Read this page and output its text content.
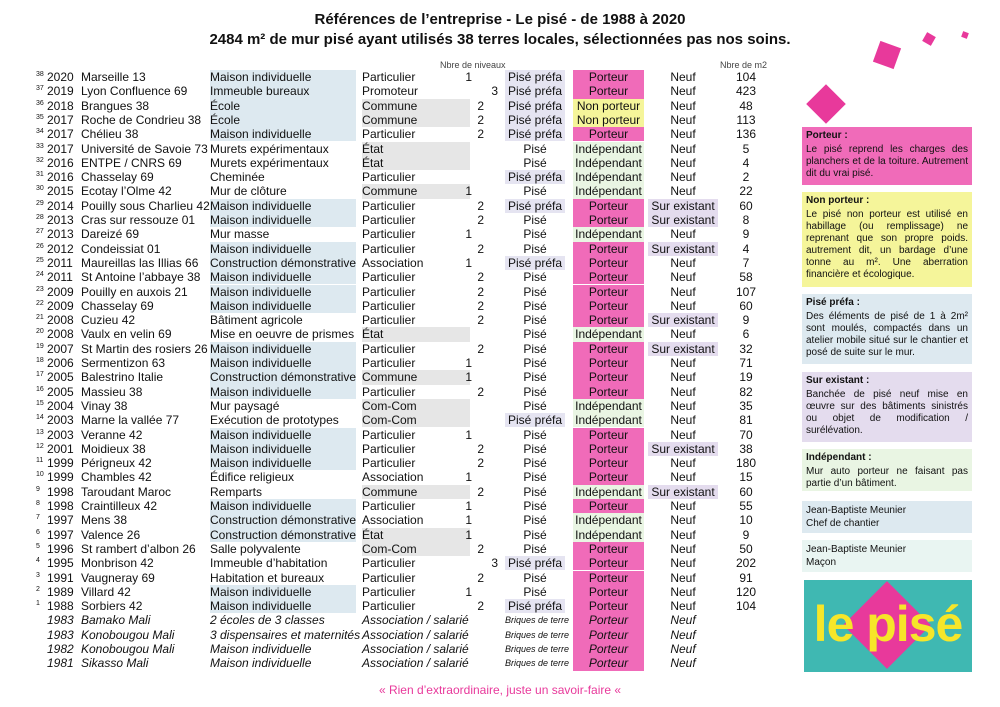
Références de l’entreprise - Le pisé - de 1988 à 2020
2484 m² de mur pisé ayant utilisés 38 terres locales, sélectionnées pas nos soins.
Nbre de niveaux	Nbre de m2
38 2020 Marseille 13	Maison individuelle	Particulier	1	Pisé préfa	Porteur	Neuf	104
37 2019 Lyon Confluence 69 Immeuble bureaux	Promoteur	3 Pisé préfa	Porteur	Neuf	423
36 2018 Brangues 38	École	Commune	2	Pisé préfa	Non porteur	Neuf	48
35 2017 Roche de Condrieu 38 École	Commune	2	Pisé préfa	Non porteur	Neuf	113
34 2017 Chélieu 38	Maison individuelle	Particulier	2	Pisé préfa	Porteur	Neuf	136
33 2017 Université de Savoie 73 Murets expérimentaux	État	Pisé	Indépendant	Neuf	5
32 2016 ENTPE / CNRS 69 Murets expérimentaux	État	Pisé	Indépendant	Neuf	4
31 2016 Chasselay 69	Cheminée	Particulier	Pisé préfa Indépendant	Neuf	2
30 2015 Ecotay l’Olme 42	Mur de clôture	Commune	1	Pisé	Indépendant	Neuf	22
29 2014 Pouilly sous Charlieu 42 Maison individuelle	Particulier	2	Pisé préfa	Porteur	Sur existant	60
28 2013 Cras sur ressouze 01 Maison individuelle	Particulier	2	Pisé	Porteur	Sur existant	8
27 2013 Dareizé 69	Mur masse	Particulier	1	Pisé	Indépendant	Neuf	9
26 2012 Condeissiat 01	Maison individuelle	Particulier	2	Pisé	Porteur	Sur existant	4
25 2011 Maureillas las Illias 66 Construction démonstrative Association	1	Pisé préfa	Porteur	Neuf	7
24 2011 St Antoine l’abbaye 38 Maison individuelle	Particulier	2	Pisé	Porteur	Neuf	58
23 2009 Pouilly en auxois 21 Maison individuelle	Particulier	2	Pisé	Porteur	Neuf	107
22 2009 Chasselay 69	Maison individuelle	Particulier	2	Pisé	Porteur	Neuf	60
21 2008 Cuzieu 42	Bâtiment agricole	Particulier	2	Pisé	Porteur	Sur existant	9
20 2008 Vaulx en velin 69	Mise en oeuvre de prismes État	Pisé	Indépendant	Neuf	6
19 2007 St Martin des rosiers 26 Maison individuelle	Particulier	2	Pisé	Porteur	Sur existant	32
18 2006 Sermentizon 63	Maison individuelle	Particulier	1	Pisé	Porteur	Neuf	71
17 2005 Balestrino Italie	Construction démonstrative Commune	1	Pisé	Porteur	Neuf	19
16 2005 Massieu 38	Maison individuelle	Particulier	2	Pisé	Porteur	Neuf	82
15 2004 Vinay 38	Mur paysagé	Com-Com	Pisé	Indépendant	Neuf	35
14 2003 Marne la vallée 77	Exécution de prototypes	Com-Com	Pisé préfa Indépendant	Neuf	81
13 2003 Veranne 42	Maison individuelle	Particulier	1	Pisé	Porteur	Neuf	70
12 2001 Moidieux 38	Maison individuelle	Particulier	2	Pisé	Porteur	Sur existant	38
11 1999 Périgneux 42	Maison individuelle	Particulier	2	Pisé	Porteur	Neuf	180
10 1999 Chambles 42	Édifice religieux	Association	1	Pisé	Porteur	Neuf	15
9 1998 Taroudant Maroc	Remparts	Commune	2	Pisé	Indépendant Sur existant	60
8 1998 Craintilleux 42	Maison individuelle	Particulier	1	Pisé	Porteur	Neuf	55
7 1997 Mens 38	Construction démonstrative Association	1	Pisé	Indépendant	Neuf	10
6 1997 Valence 26	Construction démonstrative État	1	Pisé	Indépendant	Neuf	9
5 1996 St rambert d’albon 26 Salle polyvalente	Com-Com	2	Pisé	Porteur	Neuf	50
4 1995 Monbrison 42	Immeuble d’habitation	Particulier	3 Pisé préfa	Porteur	Neuf	202
3 1991 Vaugneray 69	Habitation et bureaux	Particulier	2	Pisé	Porteur	Neuf	91
2 1989 Villard 42	Maison individuelle	Particulier	1	Pisé	Porteur	Neuf	120
1 1988 Sorbiers 42	Maison individuelle	Particulier	2	Pisé préfa	Porteur	Neuf	104
1983 Bamako Mali	2 écoles de 3 classes	Association / salarié	Briques de terre	Porteur	Neuf
1983 Konobougou Mali	3 dispensaires et maternités Association / salarié	Briques de terre	Porteur	Neuf
1982 Konobougou Mali	Maison individuelle	Association / salarié	Briques de terre	Porteur	Neuf
1981 Sikasso Mali	Maison individuelle	Association / salarié	Briques de terre	Porteur	Neuf
Porteur :
Le pisé reprend les charges des planchers et de la toiture. Autrement dit du vrai pisé.
Non porteur :
Le pisé non porteur est utilisé en habillage (ou remplissage) ne reprenant que son propre poids. autrement dit, un bardage d’une tonne au m². Une aberration financière et écologique.
Pisé préfa :
Des éléments de pisé de 1 à 2m² sont moulés, compactés dans un atelier mobile situé sur le chantier et posé de suite sur le mur.
Sur existant :
Banchée de pisé neuf mise en œuvre sur des bâtiments sinistrés ou objet de modification / surélévation.
Indépendant :
Mur auto porteur ne faisant pas partie d’un bâtiment.
Jean-Baptiste Meunier
Chef de chantier
Jean-Baptiste Meunier
Maçon
le pisé
« Rien d’extraordinaire, juste un savoir-faire «
